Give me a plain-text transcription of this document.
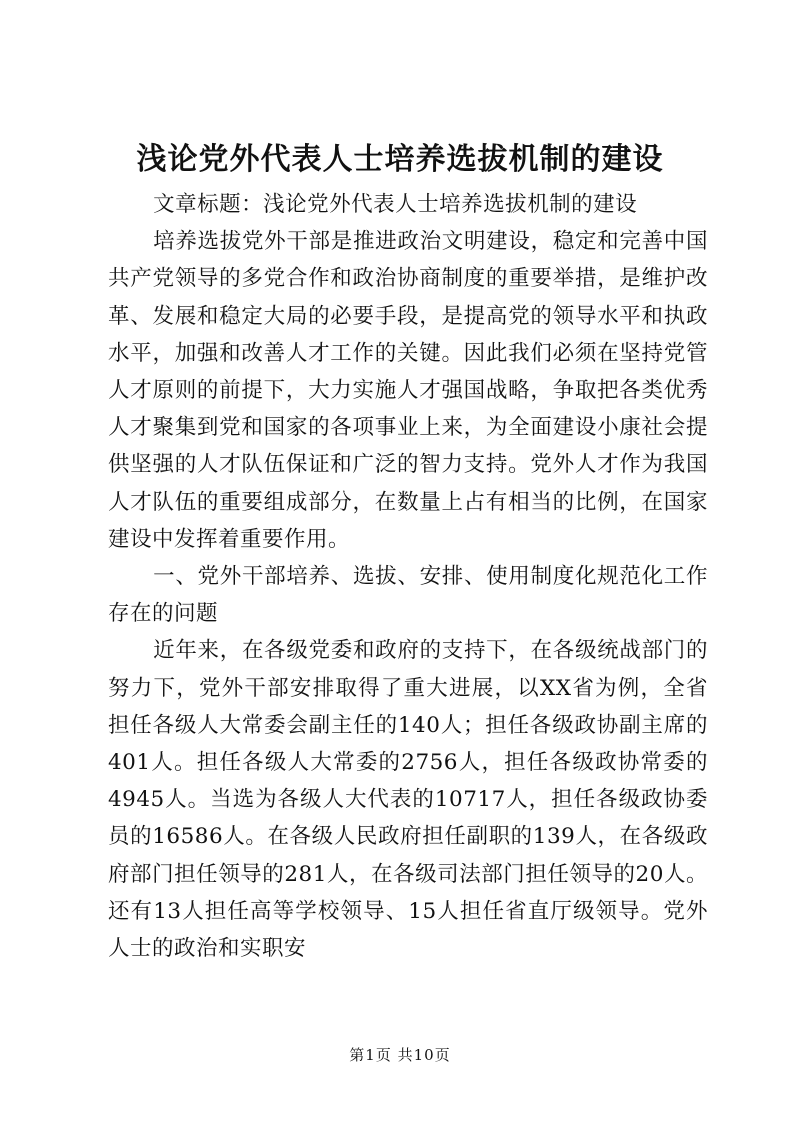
浅论党外代表人士培养选拔机制的建设

文章标题：浅论党外代表人士培养选拔机制的建设

培养选拔党外干部是推进政治文明建设，稳定和完善中国共产党领导的多党合作和政治协商制度的重要举措，是维护改革、发展和稳定大局的必要手段，是提高党的领导水平和执政水平，加强和改善人才工作的关键。因此我们必须在坚持党管人才原则的前提下，大力实施人才强国战略，争取把各类优秀人才聚集到党和国家的各项事业上来，为全面建设小康社会提供坚强的人才队伍保证和广泛的智力支持。党外人才作为我国人才队伍的重要组成部分，在数量上占有相当的比例，在国家建设中发挥着重要作用。

一、党外干部培养、选拔、安排、使用制度化规范化工作存在的问题

近年来，在各级党委和政府的支持下，在各级统战部门的努力下，党外干部安排取得了重大进展，以XX省为例，全省担任各级人大常委会副主任的140人；担任各级政协副主席的401人。担任各级人大常委的2756人，担任各级政协常委的4945人。当选为各级人大代表的10717人，担任各级政协委员的16586人。在各级人民政府担任副职的139人，在各级政府部门担任领导的281人，在各级司法部门担任领导的20人。还有13人担任高等学校领导、15人担任省直厅级领导。党外人士的政治和实职安

第1页 共10页
